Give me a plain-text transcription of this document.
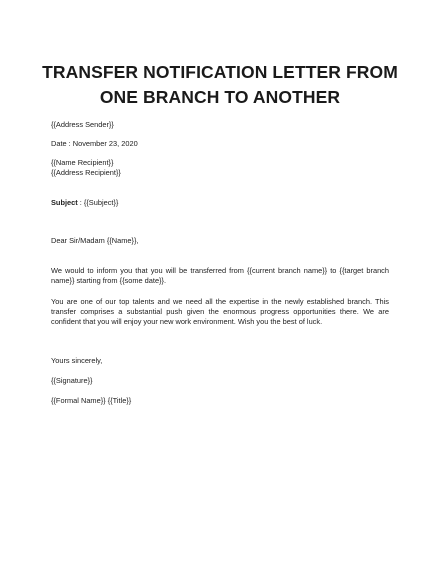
TRANSFER NOTIFICATION LETTER FROM
ONE BRANCH TO ANOTHER
{{Address Sender}}
Date : November 23, 2020
{{Name Recipient}}
{{Address Recipient}}
Subject : {{Subject}}
Dear Sir/Madam {{Name}},
We would to inform you that you will be transferred from {{current branch name}} to {{target branch name}} starting from {{some date}}.
You are one of our top talents and we need all the expertise in the newly established branch. This transfer comprises a substantial push given the enormous progress opportunities there. We are confident that you will enjoy your new work environment. Wish you the best of luck.
Yours sincerely,
{{Signature}}
{{Formal Name}} {{Title}}
